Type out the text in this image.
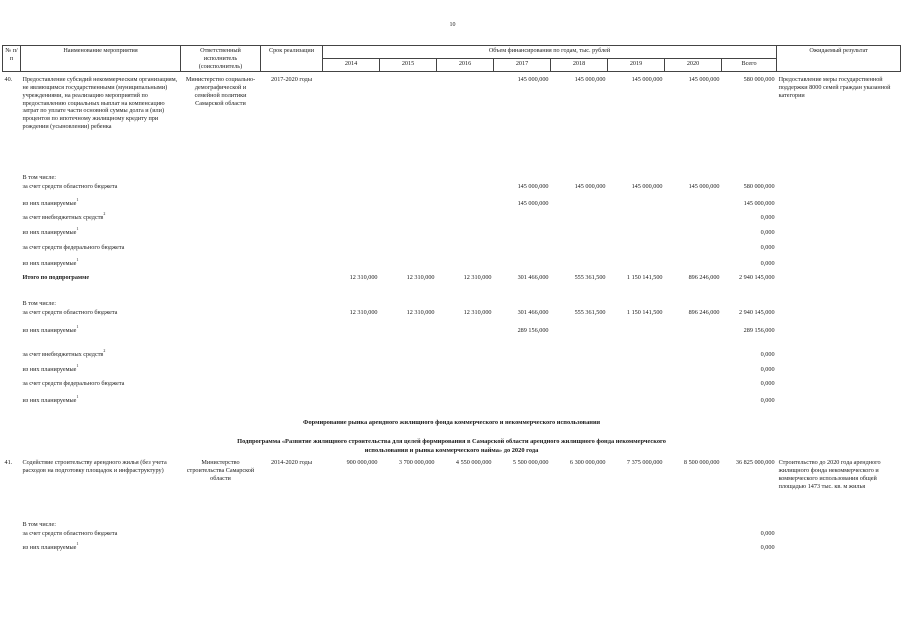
10
№ п/п	Наименование мероприятия	Ответственный исполнитель (соисполнитель)	Срок реализации	Объем финансирования по годам, тыс. рублей								Ожидаемый результат
				2014	2015	2016	2017	2018	2019	2020	Всего	

40.	Предоставление субсидий некоммерческим организациям, не являющимся государственными (муниципальными) учреждениями, на реализацию мероприятий по предоставлению социальных выплат на компенсацию затрат по уплате части основной суммы долга и (или) процентов по ипотечному жилищному кредиту при рождении (усыновлении) ребенка	Министерство социально-демографической и семейной политики Самарской области	2017-2020 годы				145 000,000	145 000,000	145 000,000	145 000,000	580 000,000	Предоставление меры государственной поддержки 8000 семей граждан указанной категории
	В том числе:											
	за счет средств областного бюджета						145 000,000	145 000,000	145 000,000	145 000,000	580 000,000	
	из них планируемые$^1$						145 000,000				145 000,000	
	за счет внебюджетных средств$^2$										0,000	
	из них планируемые$^1$										0,000	
	за счет средств федерального бюджета										0,000	
	из них планируемые$^1$										0,000	
	Итого по подпрограмме			12 310,000	12 310,000	12 310,000	301 466,000	555 361,500	1 150 141,500	896 246,000	2 940 145,000	

	В том числе:											
	за счет средств областного бюджета			12 310,000	12 310,000	12 310,000	301 466,000	555 361,500	1 150 141,500	896 246,000	2 940 145,000	
	из них планируемые$^1$						289 156,000				289 156,000	
	за счет внебюджетных средств$^2$										0,000	
	из них планируемые$^1$										0,000	
	за счет средств федерального бюджета										0,000	
	из них планируемые$^1$										0,000	

Формирование рынка арендного жилищного фонда коммерческого и некоммерческого использования												

Подпрограмма «Развитие жилищного строительства для целей формирования в Самарской области арендного жилищного фонда некоммерческого												
использования и рынка коммерческого найма» до 2020 года												
41.	Содействие строительству арендного жилья (без учета расходов на подготовку площадок и инфраструктуру)	Министерство строительства Самарской области	2014-2020 годы	900 000,000	3 700 000,000	4 550 000,000	5 500 000,000	6 300 000,000	7 375 000,000	8 500 000,000	36 825 000,000	Строительство до 2020 года арендного жилищного фонда некоммерческого и коммерческого использования общей площадью 1473 тыс. кв. м жилья
	В том числе:											
	за счет средств областного бюджета										0,000	
	из них планируемые$^1$										0,000	
